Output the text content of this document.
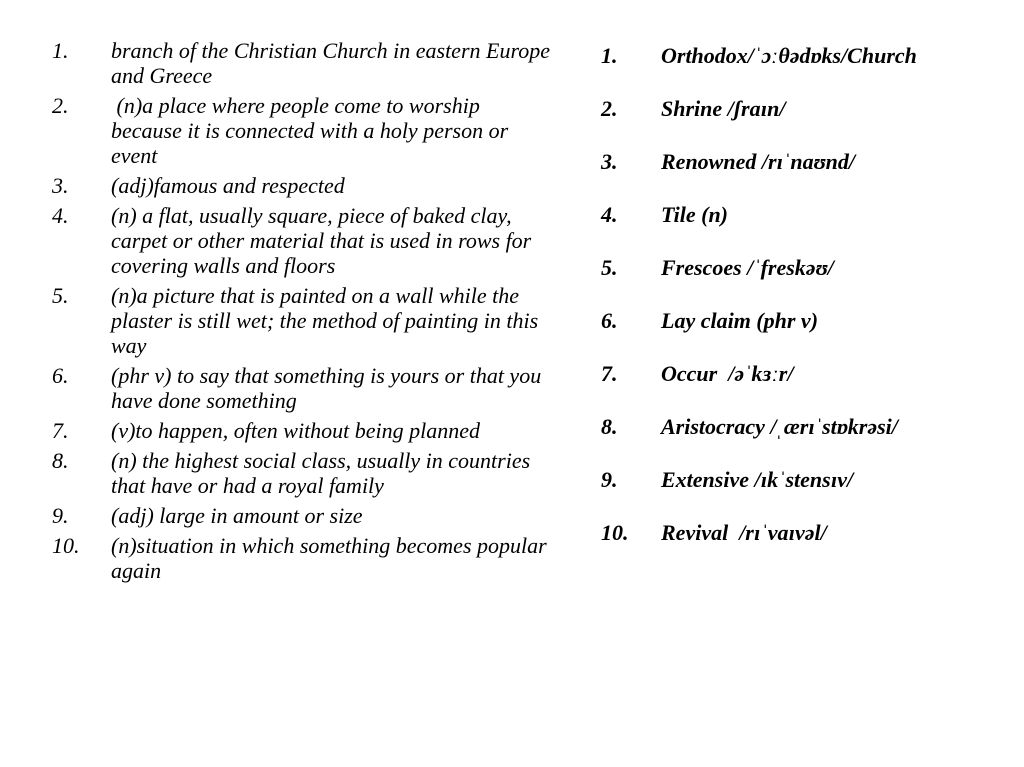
1.	branch of the Christian Church in eastern Europe and Greece
2.	(n)a place where people come to worship because it is connected with a holy person or event
3.	(adj)famous and respected
4.	(n) a flat, usually square, piece of baked clay, carpet or other material that is used in rows for covering walls and floors
5.	(n)a picture that is painted on a wall while the plaster is still wet; the method of painting in this way
6.	(phr v) to say that something is yours or that you have done something
7.	(v)to happen, often without being planned
8.	(n) the highest social class, usually in countries that have or had a royal family
9.	(adj) large in amount or size
10.	(n)situation in which something becomes popular again
1.	Orthodox/ˈɔːθədɒks/Church
2.	Shrine /ʃraɪn/
3.	Renowned /rɪˈnaʊnd/
4.	Tile (n)
5.	Frescoes /ˈfreskəʊ/
6.	Lay claim (phr v)
7.	Occur  /əˈkɜːr/
8.	Aristocracy /ˌærɪˈstɒkrəsi/
9.	Extensive /ɪkˈstensɪv/
10.	Revival  /rɪˈvaɪvəl/
